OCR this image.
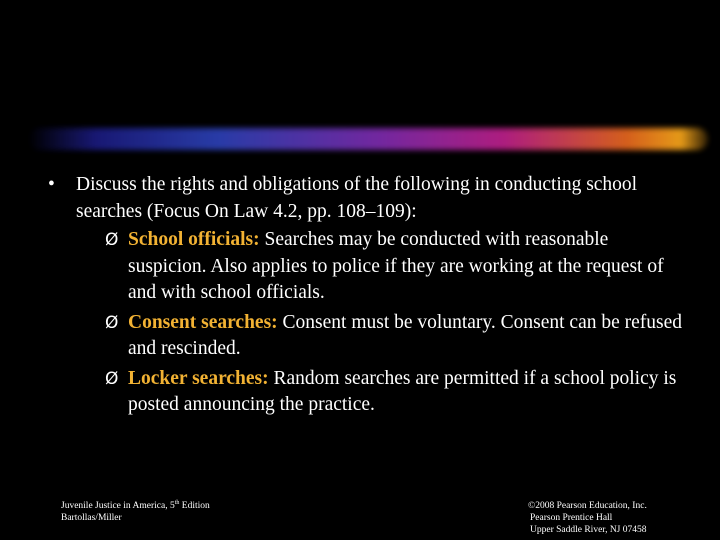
• Discuss the rights and obligations of the following in conducting school searches (Focus On Law 4.2, pp. 108–109):
Ø School officials: Searches may be conducted with reasonable suspicion. Also applies to police if they are working at the request of and with school officials.
Ø Consent searches: Consent must be voluntary. Consent can be refused and rescinded.
Ø Locker searches: Random searches are permitted if a school policy is posted announcing the practice.
Juvenile Justice in America, 5th Edition
Bartollas/Miller
©2008 Pearson Education, Inc.
Pearson Prentice Hall
Upper Saddle River, NJ 07458
